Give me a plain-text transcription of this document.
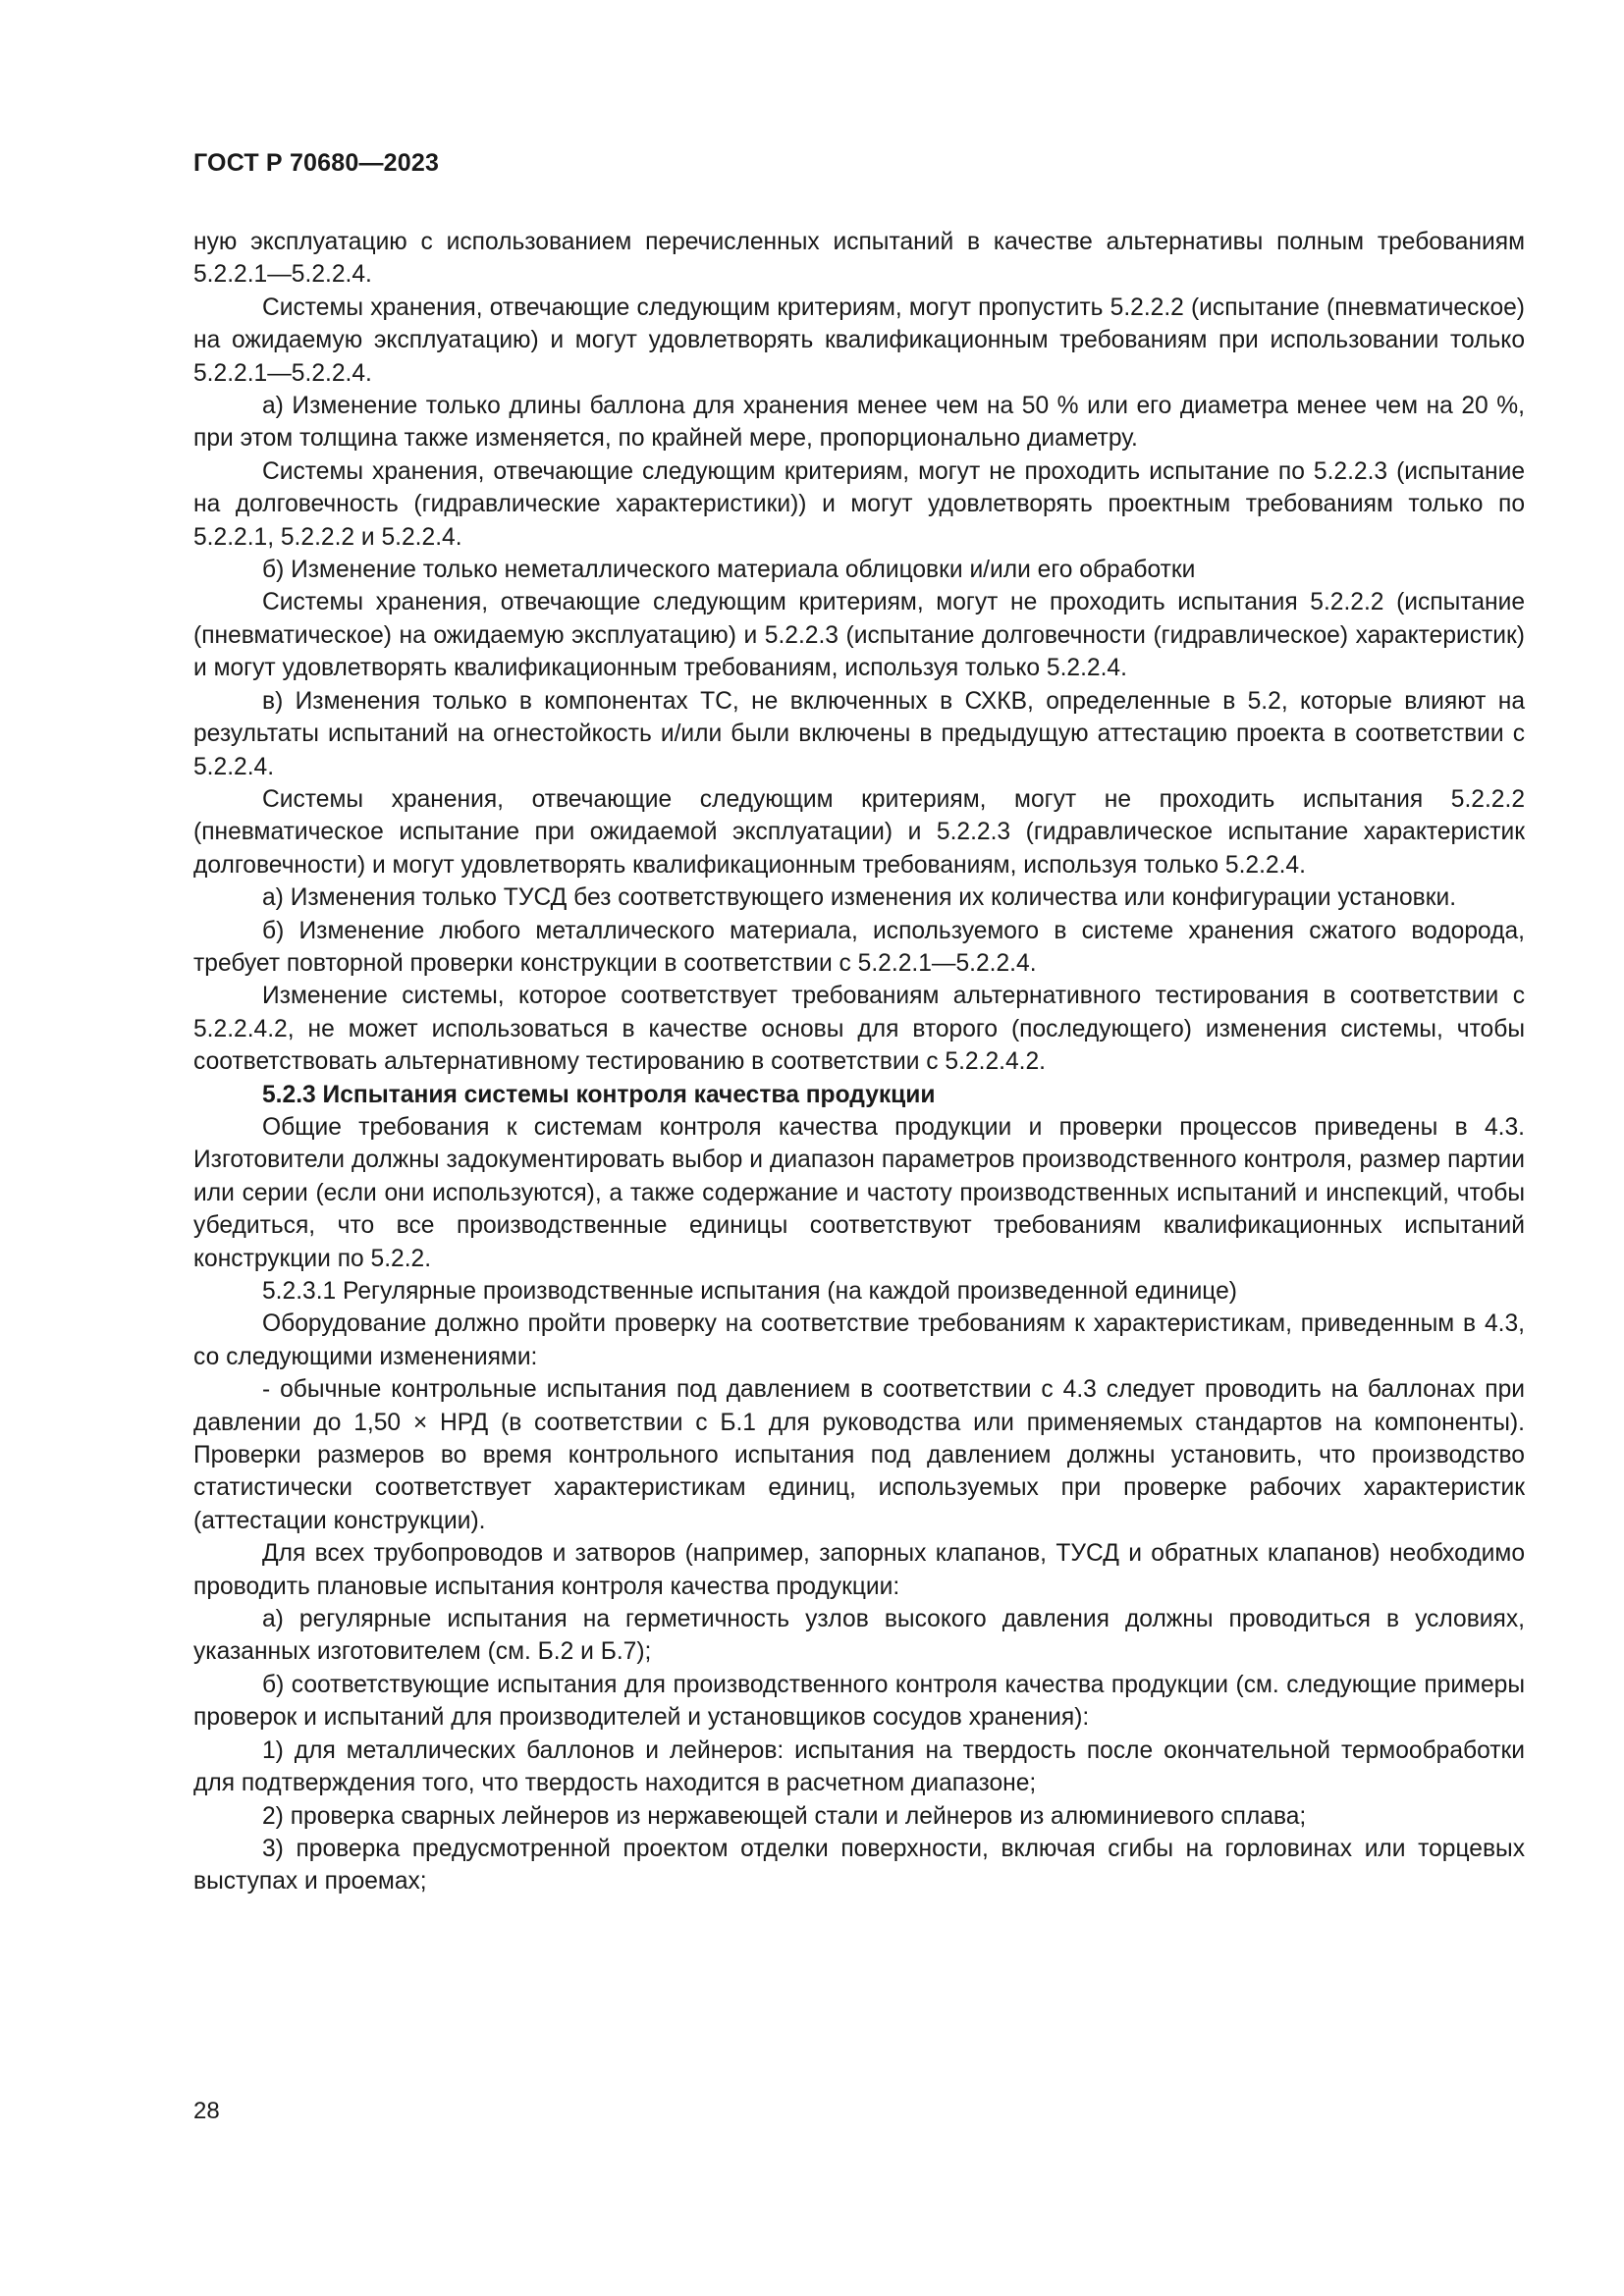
ГОСТ Р 70680—2023

ную эксплуатацию с использованием перечисленных испытаний в качестве альтернативы полным требованиям 5.2.2.1—5.2.2.4.

Системы хранения, отвечающие следующим критериям, могут пропустить 5.2.2.2 (испытание (пневматическое) на ожидаемую эксплуатацию) и могут удовлетворять квалификационным требованиям при использовании только 5.2.2.1—5.2.2.4.

а) Изменение только длины баллона для хранения менее чем на 50 % или его диаметра менее чем на 20 %, при этом толщина также изменяется, по крайней мере, пропорционально диаметру.

Системы хранения, отвечающие следующим критериям, могут не проходить испытание по 5.2.2.3 (испытание на долговечность (гидравлические характеристики)) и могут удовлетворять проектным требованиям только по 5.2.2.1, 5.2.2.2 и 5.2.2.4.

б) Изменение только неметаллического материала облицовки и/или его обработки

Системы хранения, отвечающие следующим критериям, могут не проходить испытания 5.2.2.2 (испытание (пневматическое) на ожидаемую эксплуатацию) и 5.2.2.3 (испытание долговечности (гидравлическое) характеристик) и могут удовлетворять квалификационным требованиям, используя только 5.2.2.4.

в) Изменения только в компонентах ТС, не включенных в СХКВ, определенные в 5.2, которые влияют на результаты испытаний на огнестойкость и/или были включены в предыдущую аттестацию проекта в соответствии с 5.2.2.4.

Системы хранения, отвечающие следующим критериям, могут не проходить испытания 5.2.2.2 (пневматическое испытание при ожидаемой эксплуатации) и 5.2.2.3 (гидравлическое испытание характеристик долговечности) и могут удовлетворять квалификационным требованиям, используя только 5.2.2.4.

а) Изменения только ТУСД без соответствующего изменения их количества или конфигурации установки.

б) Изменение любого металлического материала, используемого в системе хранения сжатого водорода, требует повторной проверки конструкции в соответствии с 5.2.2.1—5.2.2.4.

Изменение системы, которое соответствует требованиям альтернативного тестирования в соответствии с 5.2.2.4.2, не может использоваться в качестве основы для второго (последующего) изменения системы, чтобы соответствовать альтернативному тестированию в соответствии с 5.2.2.4.2.

5.2.3 Испытания системы контроля качества продукции

Общие требования к системам контроля качества продукции и проверки процессов приведены в 4.3. Изготовители должны задокументировать выбор и диапазон параметров производственного контроля, размер партии или серии (если они используются), а также содержание и частоту производственных испытаний и инспекций, чтобы убедиться, что все производственные единицы соответствуют требованиям квалификационных испытаний конструкции по 5.2.2.

5.2.3.1 Регулярные производственные испытания (на каждой произведенной единице)

Оборудование должно пройти проверку на соответствие требованиям к характеристикам, приведенным в 4.3, со следующими изменениями:

- обычные контрольные испытания под давлением в соответствии с 4.3 следует проводить на баллонах при давлении до 1,50 × НРД (в соответствии с Б.1 для руководства или применяемых стандартов на компоненты). Проверки размеров во время контрольного испытания под давлением должны установить, что производство статистически соответствует характеристикам единиц, используемых при проверке рабочих характеристик (аттестации конструкции).

Для всех трубопроводов и затворов (например, запорных клапанов, ТУСД и обратных клапанов) необходимо проводить плановые испытания контроля качества продукции:

а) регулярные испытания на герметичность узлов высокого давления должны проводиться в условиях, указанных изготовителем (см. Б.2 и Б.7);

б) соответствующие испытания для производственного контроля качества продукции (см. следующие примеры проверок и испытаний для производителей и установщиков сосудов хранения):

1) для металлических баллонов и лейнеров: испытания на твердость после окончательной термообработки для подтверждения того, что твердость находится в расчетном диапазоне;

2) проверка сварных лейнеров из нержавеющей стали и лейнеров из алюминиевого сплава;

3) проверка предусмотренной проектом отделки поверхности, включая сгибы на горловинах или торцевых выступах и проемах;

28
